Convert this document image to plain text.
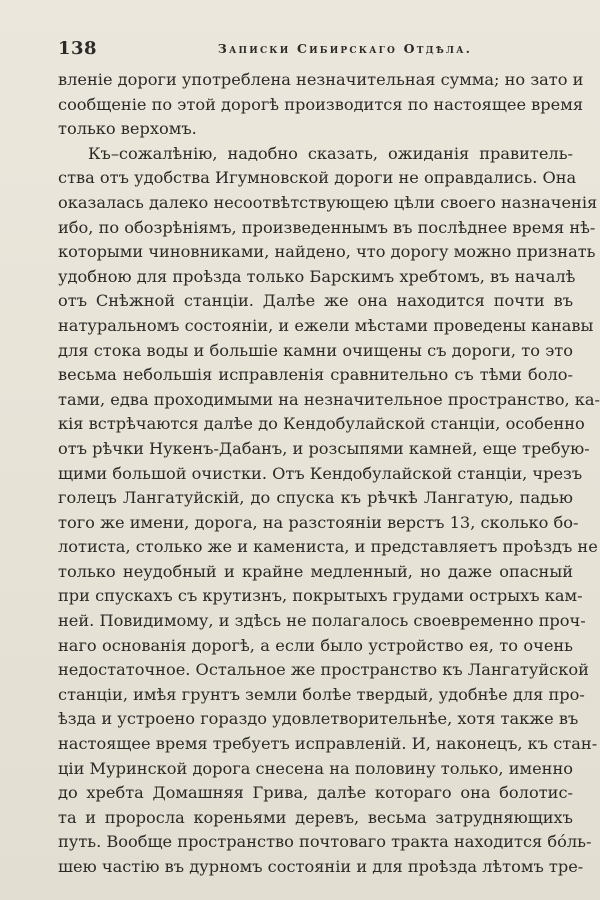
138	Записки Сибирскаго Отдѣла.
вленіе дороги употреблена незначительная сумма; но зато и
сообщеніе по этой дорогѣ производится по настоящее время
только верхомъ.
Къ–сожалѣнію, надобно сказать, ожиданія правитель-
ства отъ удобства Игумновской дороги не оправдались. Она
оказалась далеко несоотвѣтствующею цѣли своего назначенія
ибо, по обозрѣніямъ, произведеннымъ въ послѣднее время нѣ-
которыми чиновниками, найдено, что дорогу можно признать
удобною для проѣзда только Барскимъ хребтомъ, въ началѣ
отъ Снѣжной станціи. Далѣе же она находится почти въ
натуральномъ состояніи, и ежели мѣстами проведены канавы
для стока воды и большіе камни очищены съ дороги, то это
весьма небольшія исправленія сравнительно съ тѣми боло-
тами, едва проходимыми на незначительное пространство, ка-
кія встрѣчаются далѣе до Кендобулайской станціи, особенно
отъ рѣчки Нукенъ-Дабанъ, и розсыпями камней, еще требую-
щими большой очистки. Отъ Кендобулайской станціи, чрезъ
голецъ Лангатуйскій, до спуска къ рѣчкѣ Лангатую, падью
того же имени, дорога, на разстояніи верстъ 13, сколько бо-
лотиста, столько же и камениста, и представляетъ проѣздъ не
только неудобный и крайне медленный, но даже опасный
при спускахъ съ крутизнъ, покрытыхъ грудами острыхъ кам-
ней. Повидимому, и здѣсь не полагалось своевременно проч-
наго основанія дорогѣ, а если было устройство ея, то очень
недостаточное. Остальное же пространство къ Лангатуйской
станціи, имѣя грунтъ земли болѣе твердый, удобнѣе для про-
ѣзда и устроено гораздо удовлетворительнѣе, хотя также въ
настоящее время требуетъ исправленій. И, наконецъ, къ стан-
ціи Муринской дорога снесена на половину только, именно
до хребта Домашняя Грива, далѣе котораго она болотис-
та и проросла кореньями деревъ, весьма затрудняющихъ
путь. Вообще пространство почтоваго тракта находится бóль-
шею частію въ дурномъ состояніи и для проѣзда лѣтомъ тре-
